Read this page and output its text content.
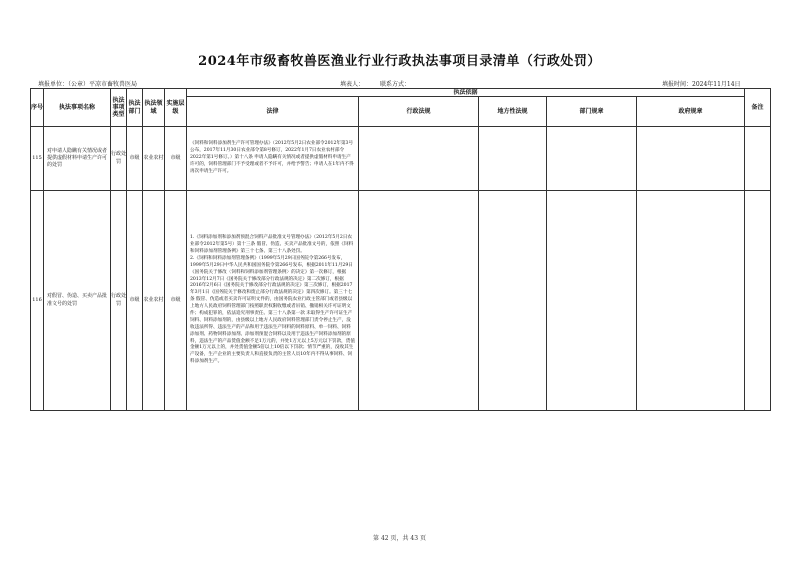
2024年市级畜牧兽医渔业行业行政执法事项目录清单（行政处罚）
填报单位：（公章）平凉市畜牧兽医局	填表人：	联系方式：	填报时间：2024年11月14日
序号	执法事项名称	执法事项类型	执法部门	执法领域	实施层级	执法依据					备注
						法律	行政法规	地方性法规	部门规章	政府规章	
115	对申请人隐瞒有关情况或者提供虚假材料申请生产许可的处罚	行政处罚	市级	农业农村	市级	《饲料和饲料添加剂生产许可管理办法》（2012年5月2日农业部令2012年第3号公布，2017年11月30日农业部令第8号修订，2022年1月7日农业农村部令2022年第1号修订。）第十八条 申请人隐瞒有关情况或者提供虚假材料申请生产许可的，饲料管理部门不予受理或者不予许可，并给予警告；申请人在1年内不得再次申请生产许可。					

116	对假冒、伪造、买卖产品批准文号的处罚	行政处罚	市级	农业农村	市级	1.《饲料添加剂和添加剂预混合饲料产品批准文号管理办法》（2012年5月2日农业部令2012年第5号）第十三条 假冒、伪造、买卖产品批准文号的，依照《饲料和饲料添加剂管理条例》第三十七条、第三十八条处罚。

2.《饲料和饲料添加剂管理条例》（1999年5月29日国务院令第266号发布，1999年5月29日中华人民共和国国务院令第266号发布，根据2011年11月29日《国务院关于修改〈饲料和饲料添加剂管理条例〉的决定》第一次修订，根据2013年12月7日《国务院关于修改部分行政法规的决定》第二次修订，根据2016年2月6日《国务院关于修改部分行政法规的决定》第三次修订，根据2017年3月1日《国务院关于修改和废止部分行政法规的决定》第四次修订。第三十七条 假冒、伪造或者买卖许可证明文件的，由国务院农业行政主管部门或者县级以上地方人民政府饲料管理部门按照职责权限收缴或者吊销、撤销相关许可证明文件；构成犯罪的，依法追究刑事责任。第三十八条第一款 未取得生产许可证生产饲料、饲料添加剂的，由县级以上地方人民政府饲料管理部门责令停止生产，没收违法所得、违法生产的产品和用于违法生产饲料的饲料原料、单一饲料、饲料添加剂、药物饲料添加剂、添加剂预混合饲料以及用于违法生产饲料添加剂的原料，违法生产的产品货值金额不足1万元的，并处1万元以上5万元以下罚款，货值金额1万元以上的，并处货值金额5倍以上10倍以下罚款；情节严重的，没收其生产设备，生产企业的主要负责人和直接负责的主管人员10年内不得从事饲料、饲料添加剂生产。					

第 42 页，共 43 页
